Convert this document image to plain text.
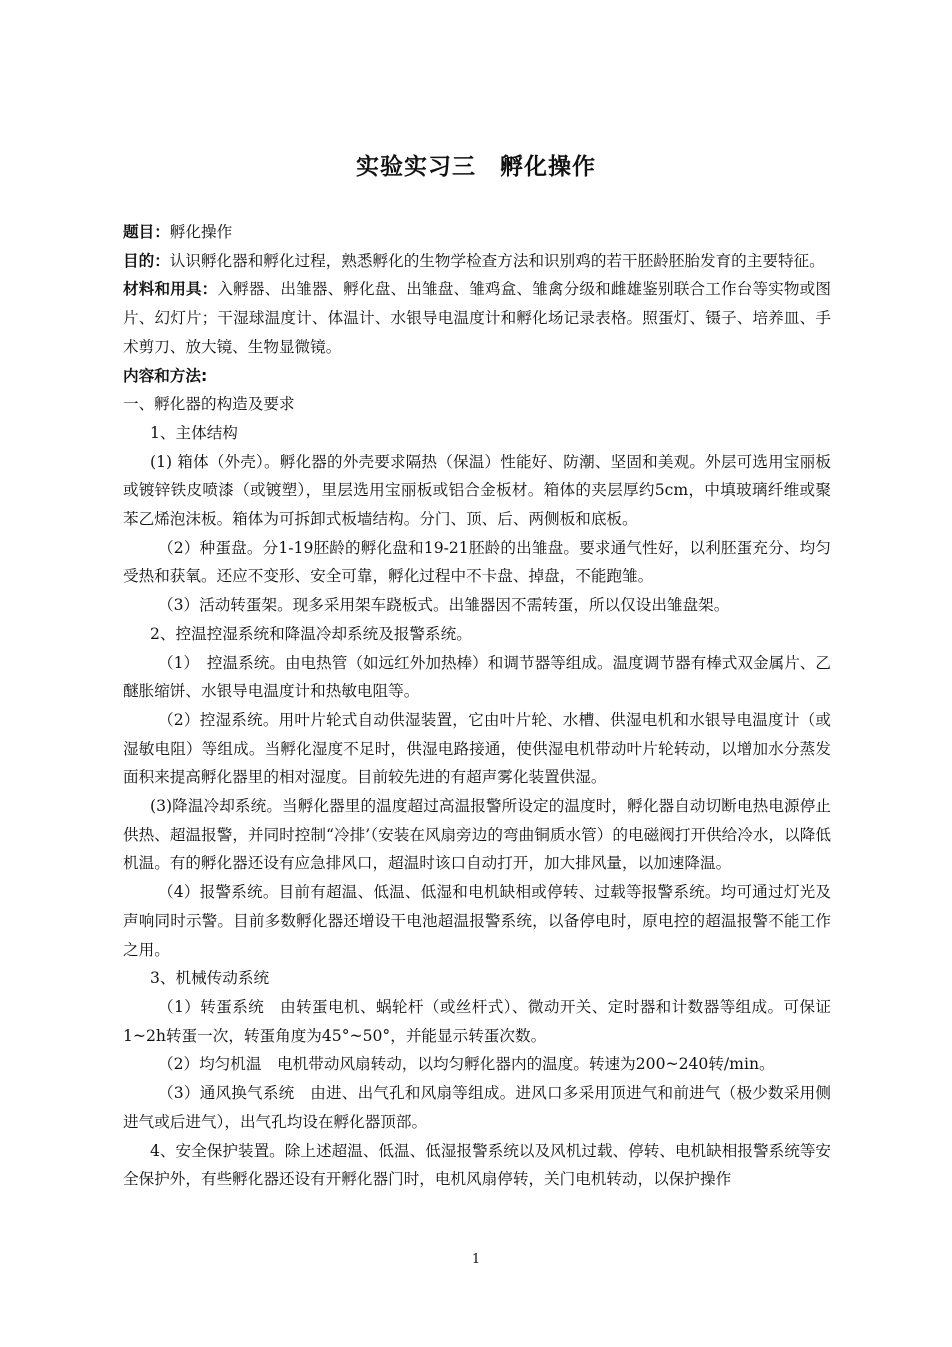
实验实习三　孵化操作

题目：孵化操作

目的：认识孵化器和孵化过程，熟悉孵化的生物学检查方法和识别鸡的若干胚龄胚胎发育的主要特征。

材料和用具：入孵器、出雏器、孵化盘、出雏盘、雏鸡盒、雏禽分级和雌雄鉴别联合工作台等实物或图片、幻灯片；干湿球温度计、体温计、水银导电温度计和孵化场记录表格。照蛋灯、镊子、培养皿、手术剪刀、放大镜、生物显微镜。

内容和方法:

一、孵化器的构造及要求

1、主体结构

(1) 箱体（外壳）。孵化器的外壳要求隔热（保温）性能好、防潮、坚固和美观。外层可选用宝丽板或镀锌铁皮喷漆（或镀塑），里层选用宝丽板或铝合金板材。箱体的夹层厚约5cm，中填玻璃纤维或聚苯乙烯泡沫板。箱体为可拆卸式板墙结构。分门、顶、后、两侧板和底板。

（2）种蛋盘。分1-19胚龄的孵化盘和19-21胚龄的出雏盘。要求通气性好，以利胚蛋充分、均匀受热和获氧。还应不变形、安全可靠，孵化过程中不卡盘、掉盘，不能跑雏。

（3）活动转蛋架。现多采用架车跷板式。出雏器因不需转蛋，所以仅设出雏盘架。

2、控温控湿系统和降温冷却系统及报警系统。

（1）　控温系统。由电热管（如远红外加热棒）和调节器等组成。温度调节器有棒式双金属片、乙醚胀缩饼、水银导电温度计和热敏电阻等。

（2）控湿系统。用叶片轮式自动供湿装置，它由叶片轮、水槽、供湿电机和水银导电温度计（或湿敏电阻）等组成。当孵化湿度不足时，供湿电路接通，使供湿电机带动叶片轮转动，以增加水分蒸发面积来提高孵化器里的相对湿度。目前较先进的有超声雾化装置供湿。

(3)降温冷却系统。当孵化器里的温度超过高温报警所设定的温度时，孵化器自动切断电热电源停止供热、超温报警，并同时控制“冷排’（安装在风扇旁边的弯曲铜质水管）的电磁阀打开供给冷水，以降低机温。有的孵化器还设有应急排风口，超温时该口自动打开，加大排风量，以加速降温。

（4）报警系统。目前有超温、低温、低湿和电机缺相或停转、过载等报警系统。均可通过灯光及声响同时示警。目前多数孵化器还增设干电池超温报警系统，以备停电时，原电控的超温报警不能工作之用。

3、机械传动系统

（1）转蛋系统　由转蛋电机、蜗轮杆（或丝杆式）、微动开关、定时器和计数器等组成。可保证1~2h转蛋一次，转蛋角度为45°~50°，并能显示转蛋次数。

（2）均匀机温　电机带动风扇转动，以均匀孵化器内的温度。转速为200~240转/min。

（3）通风换气系统　由进、出气孔和风扇等组成。进风口多采用顶进气和前进气（极少数采用侧进气或后进气），出气孔均设在孵化器顶部。

4、安全保护装置。除上述超温、低温、低湿报警系统以及风机过载、停转、电机缺相报警系统等安全保护外，有些孵化器还设有开孵化器门时，电机风扇停转，关门电机转动，以保护操作

1
